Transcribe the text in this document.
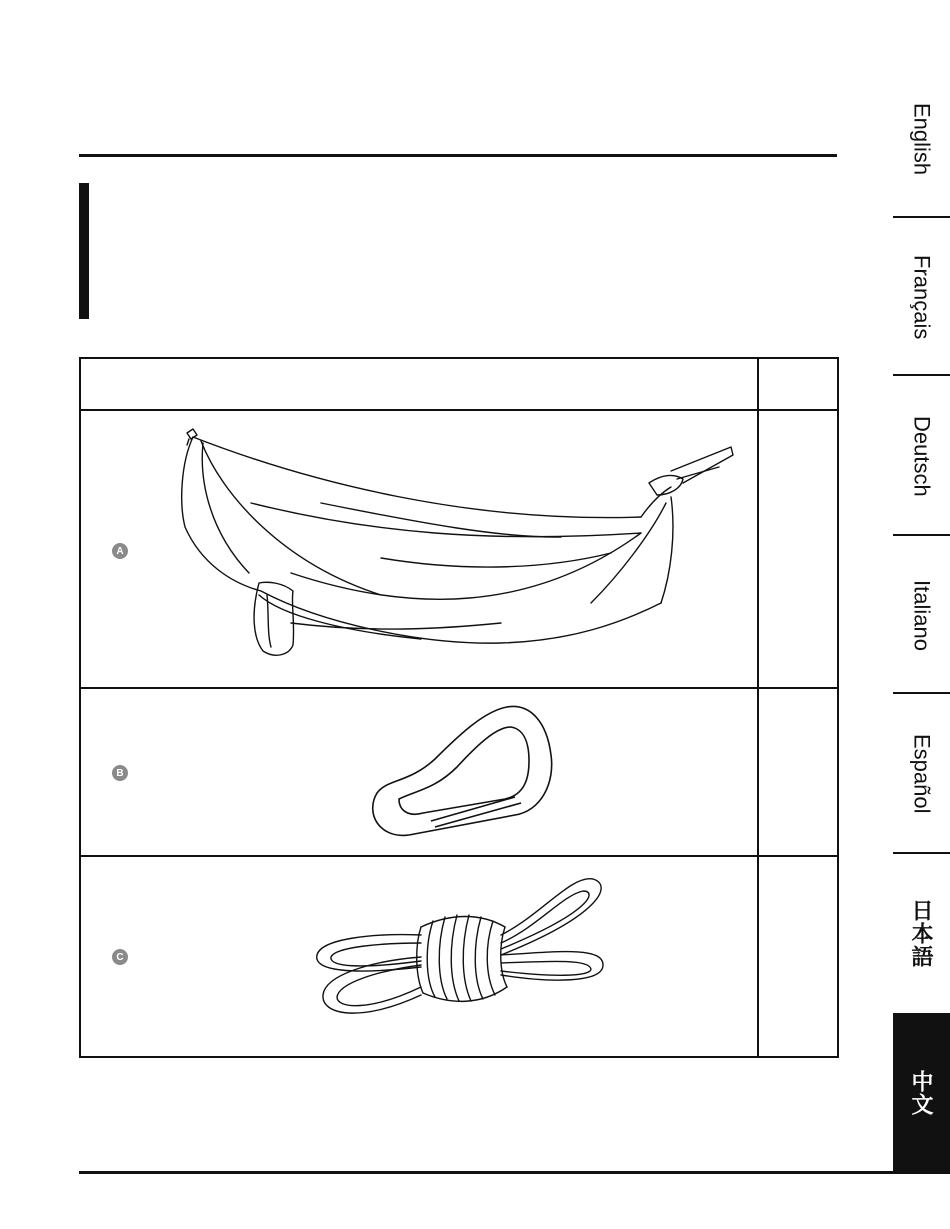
A
B
C
English
Français
Deutsch
Italiano
Español
日本語
中文
